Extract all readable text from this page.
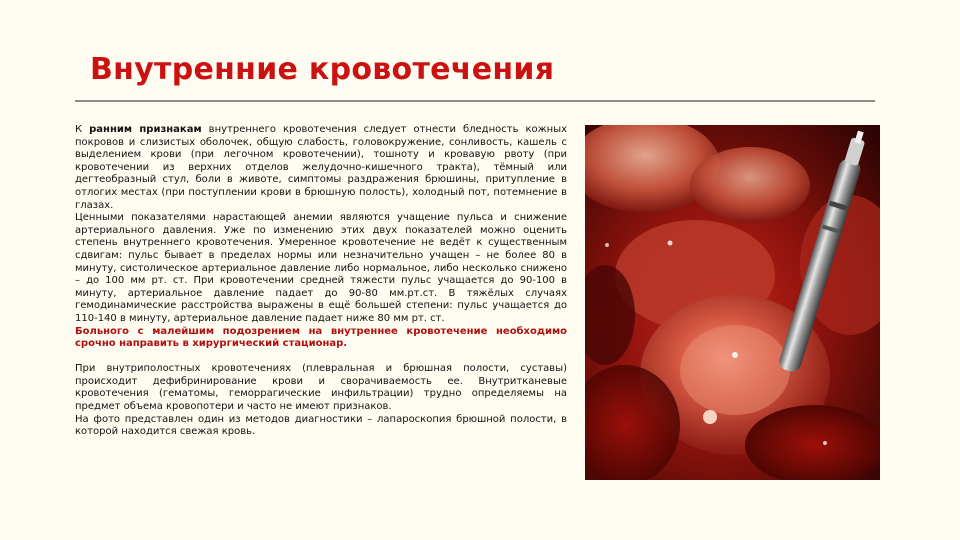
Внутренние кровотечения

К ранним признакам внутреннего кровотечения следует отнести бледность кожных покровов и слизистых оболочек, общую слабость, головокружение, сонливость, кашель с выделением крови (при легочном кровотечении), тошноту и кровавую рвоту (при кровотечении из верхних отделов желудочно-кишечного тракта), тёмный или дегтеобразный стул, боли в животе, симптомы раздражения брюшины, притупление в отлогих местах (при поступлении крови в брюшную полость), холодный пот, потемнение в глазах.

Ценными показателями нарастающей анемии являются учащение пульса и снижение артериального давления. Уже по изменению этих двух показателей можно оценить степень внутреннего кровотечения. Умеренное кровотечение не ведёт к существенным сдвигам: пульс бывает в пределах нормы или незначительно учащен – не более 80 в минуту, систолическое артериальное давление либо нормальное, либо несколько снижено – до 100 мм рт. ст. При кровотечении средней тяжести пульс учащается до 90-100 в минуту, артериальное давление падает до 90-80 мм.рт.ст. В тяжёлых случаях гемодинамические расстройства выражены в ещё большей степени: пульс учащается до 110-140 в минуту, артериальное давление падает ниже 80 мм рт. ст.

Больного с малейшим подозрением на внутреннее кровотечение необходимо срочно направить в хирургический стационар.

При внутриполостных кровотечениях (плевральная и брюшная полости, суставы) происходит дефибринирование крови и сворачиваемость ее. Внутритканевые кровотечения (гематомы, геморрагические инфильтрации) трудно определяемы на предмет объема кровопотери и часто не имеют признаков.

На фото представлен один из методов диагностики – лапароскопия брюшной полости, в которой находится свежая кровь.
